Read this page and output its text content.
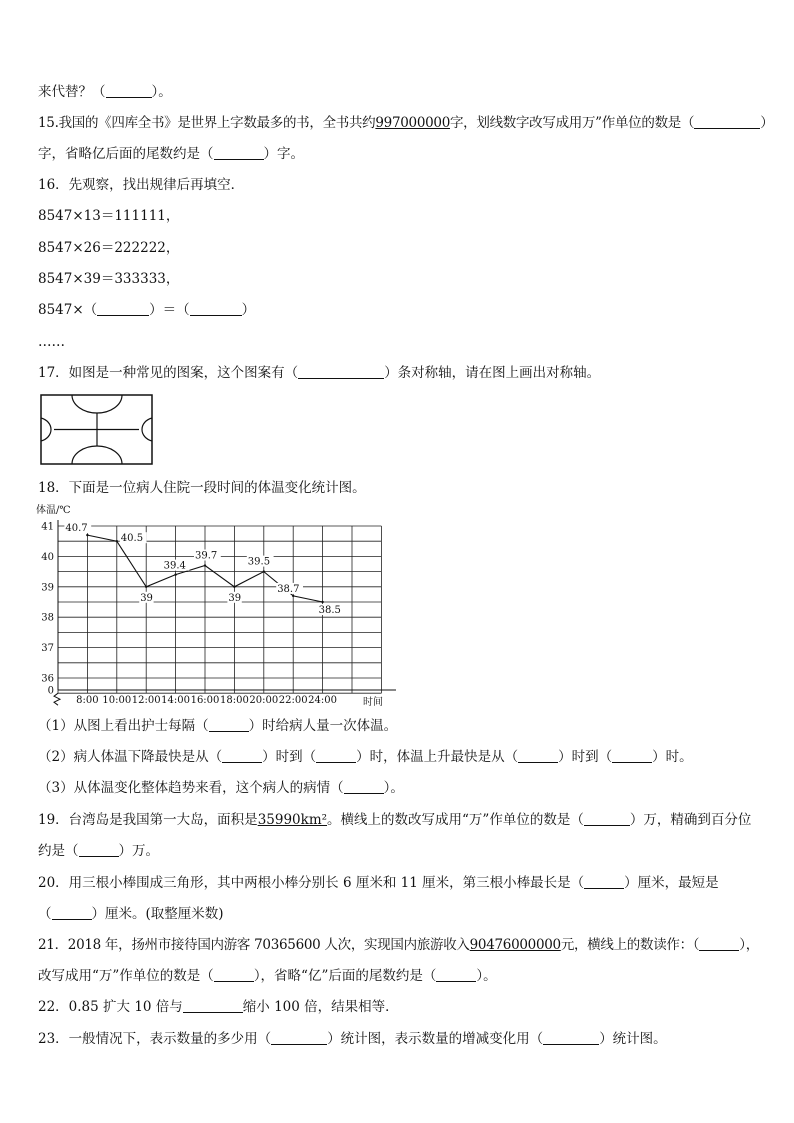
来代替？（	）。
15.我国的《四库全书》是世界上字数最多的书，全书共约997000000字，划线数字改写成用万”作单位的数是（	）
字，省略亿后面的尾数约是（	）字。
16．先观察，找出规律后再填空．
8547×13＝111111，
8547×26＝222222，
8547×39＝333333，
8547×（	）＝（	）
……
17．如图是一种常见的图案，这个图案有（	）条对称轴，请在图上画出对称轴。
18．下面是一位病人住院一段时间的体温变化统计图。
0
36
37
38
39
40
41
8:00 10:00 12:00 14:00 16:00 18:00 20:00 22:00 24:00
40.7
40.5
39
39.4
39.7
39
39.5
38.7
38.5
体温/℃
时间
（1）从图上看出护士每隔（	）时给病人量一次体温。
（2）病人体温下降最快是从（	）时到（	）时，体温上升最快是从（	）时到（	）时。
（3）从体温变化整体趋势来看，这个病人的病情（	）。
19．台湾岛是我国第一大岛，面积是35990km²。横线上的数改写成用“万”作单位的数是（	）万，精确到百分位
约是（	）万。
20．用三根小棒围成三角形，其中两根小棒分别长 6 厘米和 11 厘米，第三根小棒最长是（	）厘米，最短是
（	）厘米。(取整厘米数)
21．2018 年，扬州市接待国内游客 70365600 人次，实现国内旅游收入90476000000元，横线上的数读作：（	），
改写成用“万”作单位的数是（	），省略“亿”后面的尾数约是（	）。
22．0.85 扩大 10 倍与	缩小 100 倍，结果相等．
23．一般情况下，表示数量的多少用（	）统计图，表示数量的增减变化用（	）统计图。
